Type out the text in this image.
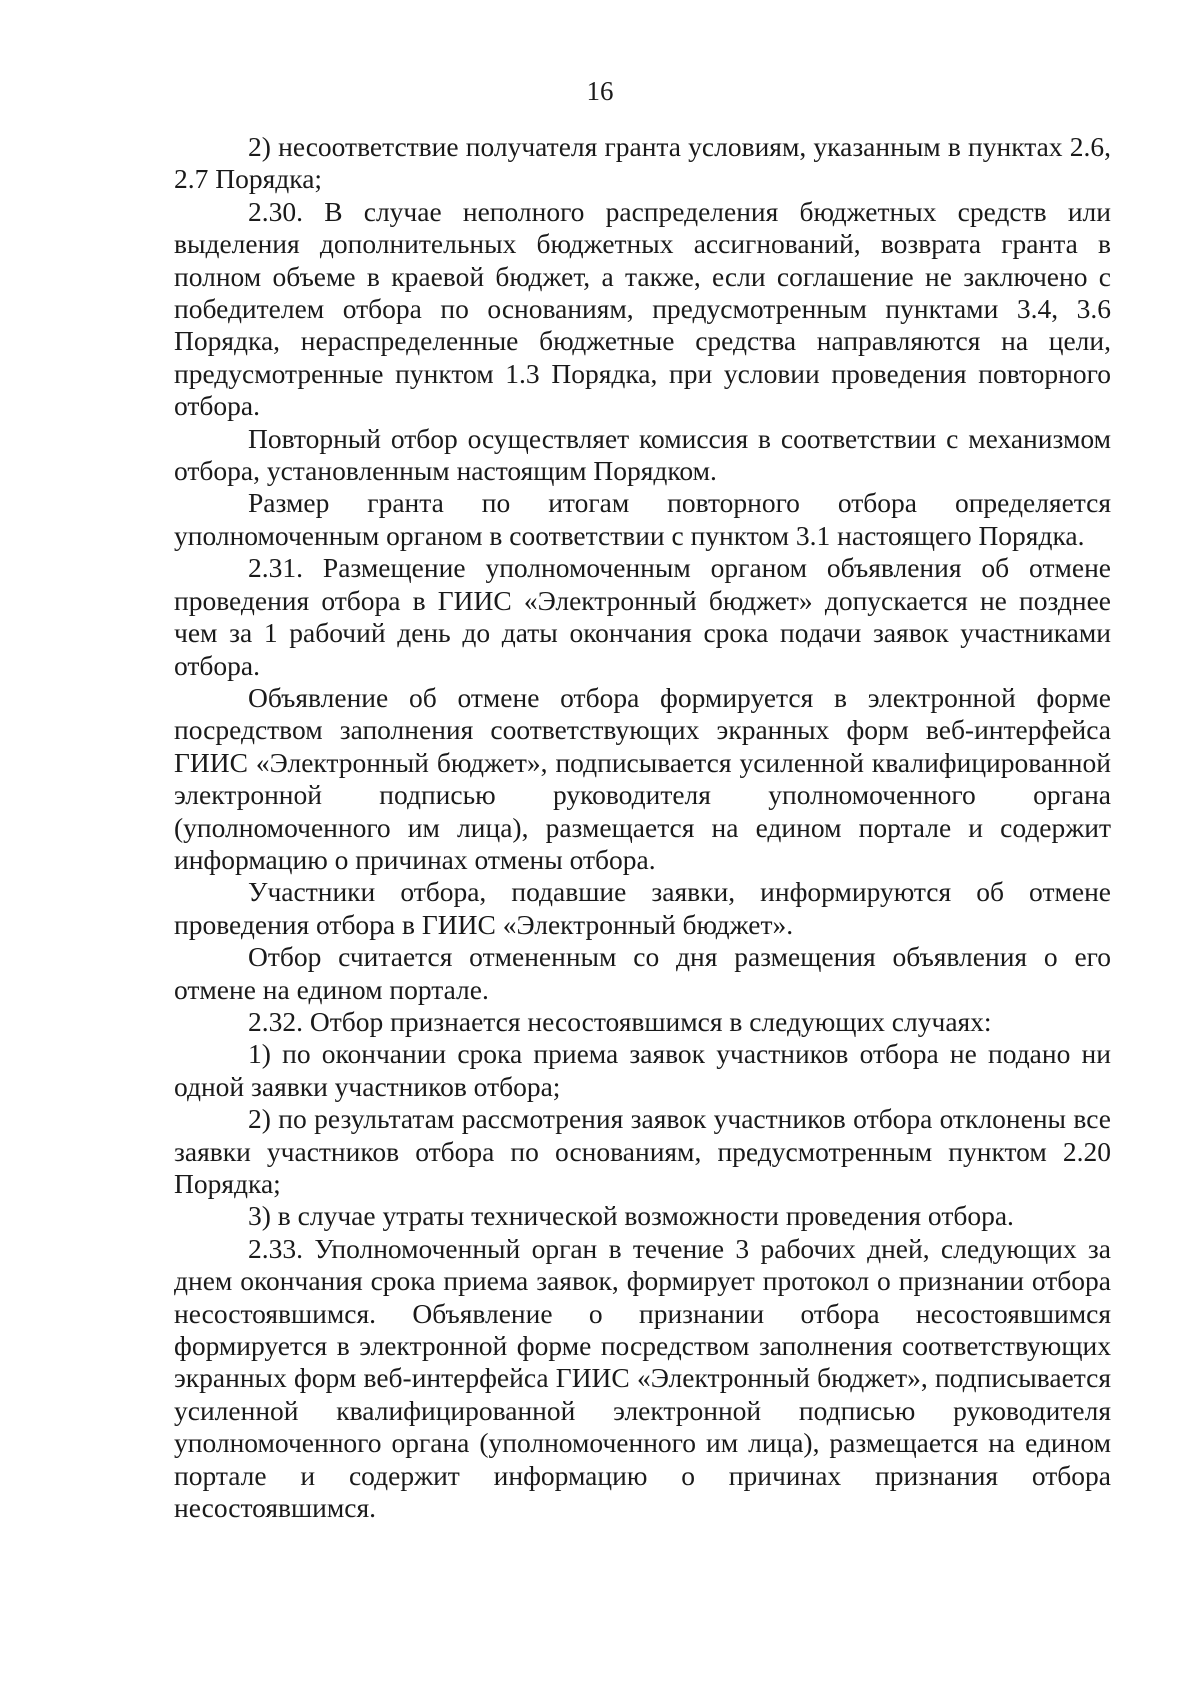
16

2) несоответствие получателя гранта условиям, указанным в пунктах 2.6, 2.7 Порядка;

2.30. В случае неполного распределения бюджетных средств или выделения дополнительных бюджетных ассигнований, возврата гранта в полном объеме в краевой бюджет, а также, если соглашение не заключено с победителем отбора по основаниям, предусмотренным пунктами 3.4, 3.6 Порядка, нераспределенные бюджетные средства направляются на цели, предусмотренные пунктом 1.3 Порядка, при условии проведения повторного отбора.

Повторный отбор осуществляет комиссия в соответствии с механизмом отбора, установленным настоящим Порядком.

Размер гранта по итогам повторного отбора определяется уполномоченным органом в соответствии с пунктом 3.1 настоящего Порядка.

2.31. Размещение уполномоченным органом объявления об отмене проведения отбора в ГИИС «Электронный бюджет» допускается не позднее чем за 1 рабочий день до даты окончания срока подачи заявок участниками отбора.

Объявление об отмене отбора формируется в электронной форме посредством заполнения соответствующих экранных форм веб-интерфейса ГИИС «Электронный бюджет», подписывается усиленной квалифицированной электронной подписью руководителя уполномоченного органа (уполномоченного им лица), размещается на едином портале и содержит информацию о причинах отмены отбора.

Участники отбора, подавшие заявки, информируются об отмене проведения отбора в ГИИС «Электронный бюджет».

Отбор считается отмененным со дня размещения объявления о его отмене на едином портале.

2.32. Отбор признается несостоявшимся в следующих случаях:

1) по окончании срока приема заявок участников отбора не подано ни одной заявки участников отбора;

2) по результатам рассмотрения заявок участников отбора отклонены все заявки участников отбора по основаниям, предусмотренным пунктом 2.20 Порядка;

3) в случае утраты технической возможности проведения отбора.

2.33. Уполномоченный орган в течение 3 рабочих дней, следующих за днем окончания срока приема заявок, формирует протокол о признании отбора несостоявшимся. Объявление о признании отбора несостоявшимся формируется в электронной форме посредством заполнения соответствующих экранных форм веб-интерфейса ГИИС «Электронный бюджет», подписывается усиленной квалифицированной электронной подписью руководителя уполномоченного органа (уполномоченного им лица), размещается на едином портале и содержит информацию о причинах признания отбора несостоявшимся.
